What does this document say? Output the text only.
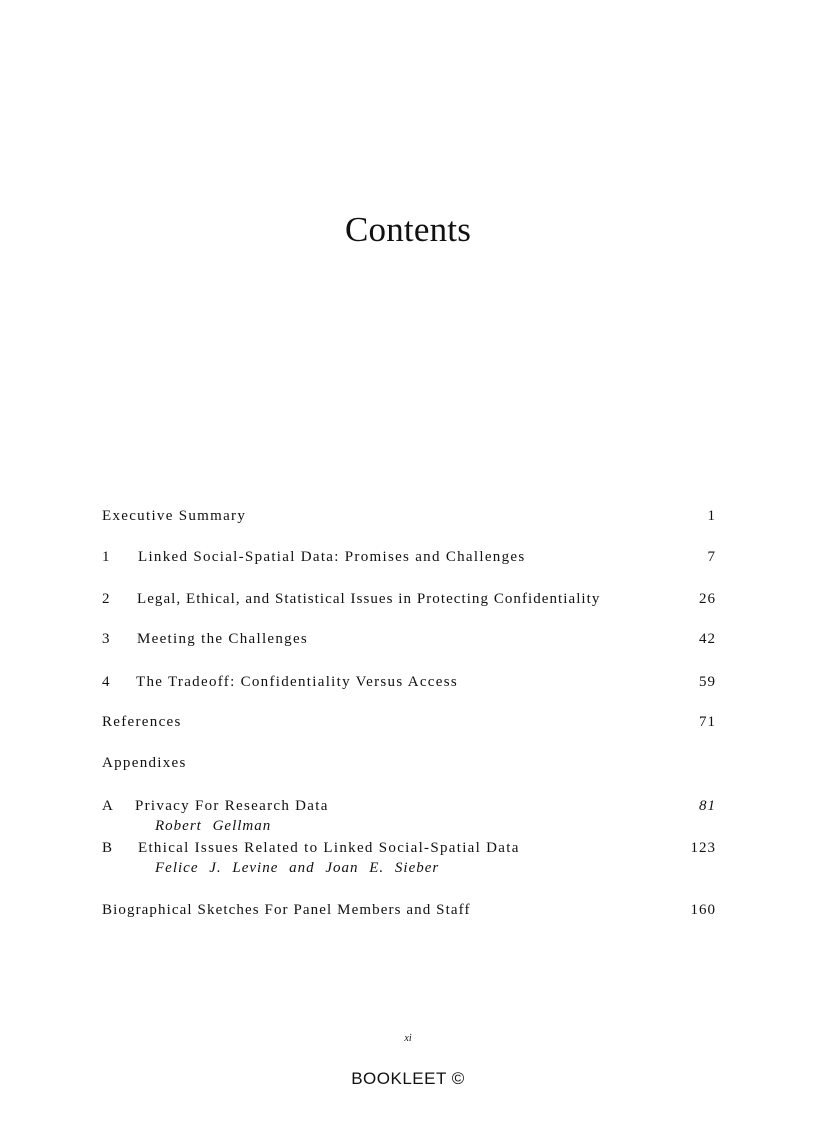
Contents
Executive Summary	1
1 Linked Social-Spatial Data: Promises and Challenges	7
2 Legal, Ethical, and Statistical Issues in Protecting Confidentiality	26
3 Meeting the Challenges	42
4 The Tradeoff: Confidentiality Versus Access	59
References	71
Appendixes
A Privacy For Research Data	81
Robert Gellman
B Ethical Issues Related to Linked Social-Spatial Data	123
Felice J. Levine and Joan E. Sieber
Biographical Sketches For Panel Members and Staff	160
xi
BOOKLEET ©
